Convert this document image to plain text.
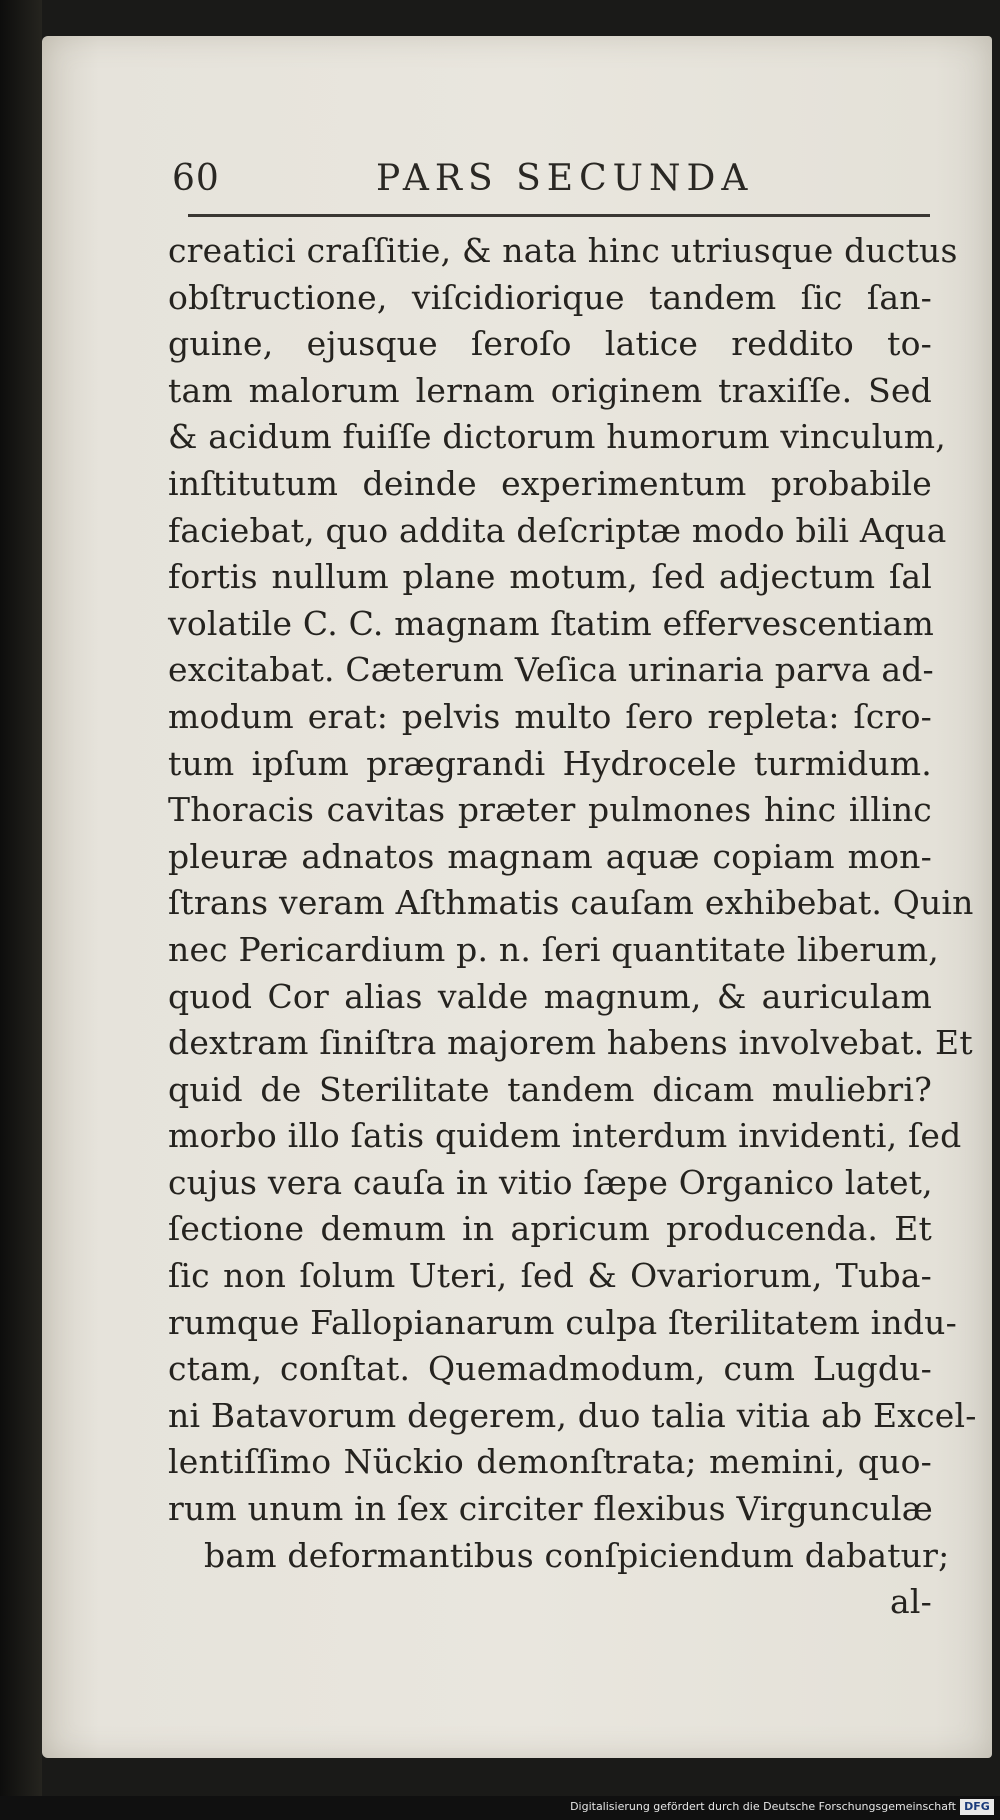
60	PARS SECUNDA
creatici craſſitie, & nata hinc utriusque ductus
obſtructione, viſcidiorique tandem ſic ſan-
guine, ejusque ſeroſo latice reddito to-
tam malorum lernam originem traxiſſe. Sed
& acidum fuiſſe dictorum humorum vinculum,
inſtitutum deinde experimentum probabile
faciebat, quo addita deſcriptæ modo bili Aqua
fortis nullum plane motum, ſed adjectum ſal
volatile C. C. magnam ſtatim effervescentiam
excitabat. Cæterum Veſica urinaria parva ad-
modum erat: pelvis multo ſero repleta: ſcro-
tum ipſum prægrandi Hydrocele turmidum.
Thoracis cavitas præter pulmones hinc illinc
pleuræ adnatos magnam aquæ copiam mon-
ſtrans veram Aſthmatis cauſam exhibebat. Quin
nec Pericardium p. n. ſeri quantitate liberum,
quod Cor alias valde magnum, & auriculam
dextram ſiniſtra majorem habens involvebat. Et
quid de Sterilitate tandem dicam muliebri?
morbo illo ſatis quidem interdum invidenti, ſed
cujus vera cauſa in vitio ſæpe Organico latet,
ſectione demum in apricum producenda. Et
ſic non ſolum Uteri, ſed & Ovariorum, Tuba-
rumque Fallopianarum culpa ſterilitatem indu-
ctam, conſtat. Quemadmodum, cum Lugdu-
ni Batavorum degerem, duo talia vitia ab Excel-
lentiſſimo Nückio demonſtrata; memini, quo-
rum unum in ſex circiter flexibus Virgunculæ
bam deformantibus conſpiciendum dabatur;
al-
Digitalisierung gefördert durch die Deutsche Forschungsgemeinschaft DFG
